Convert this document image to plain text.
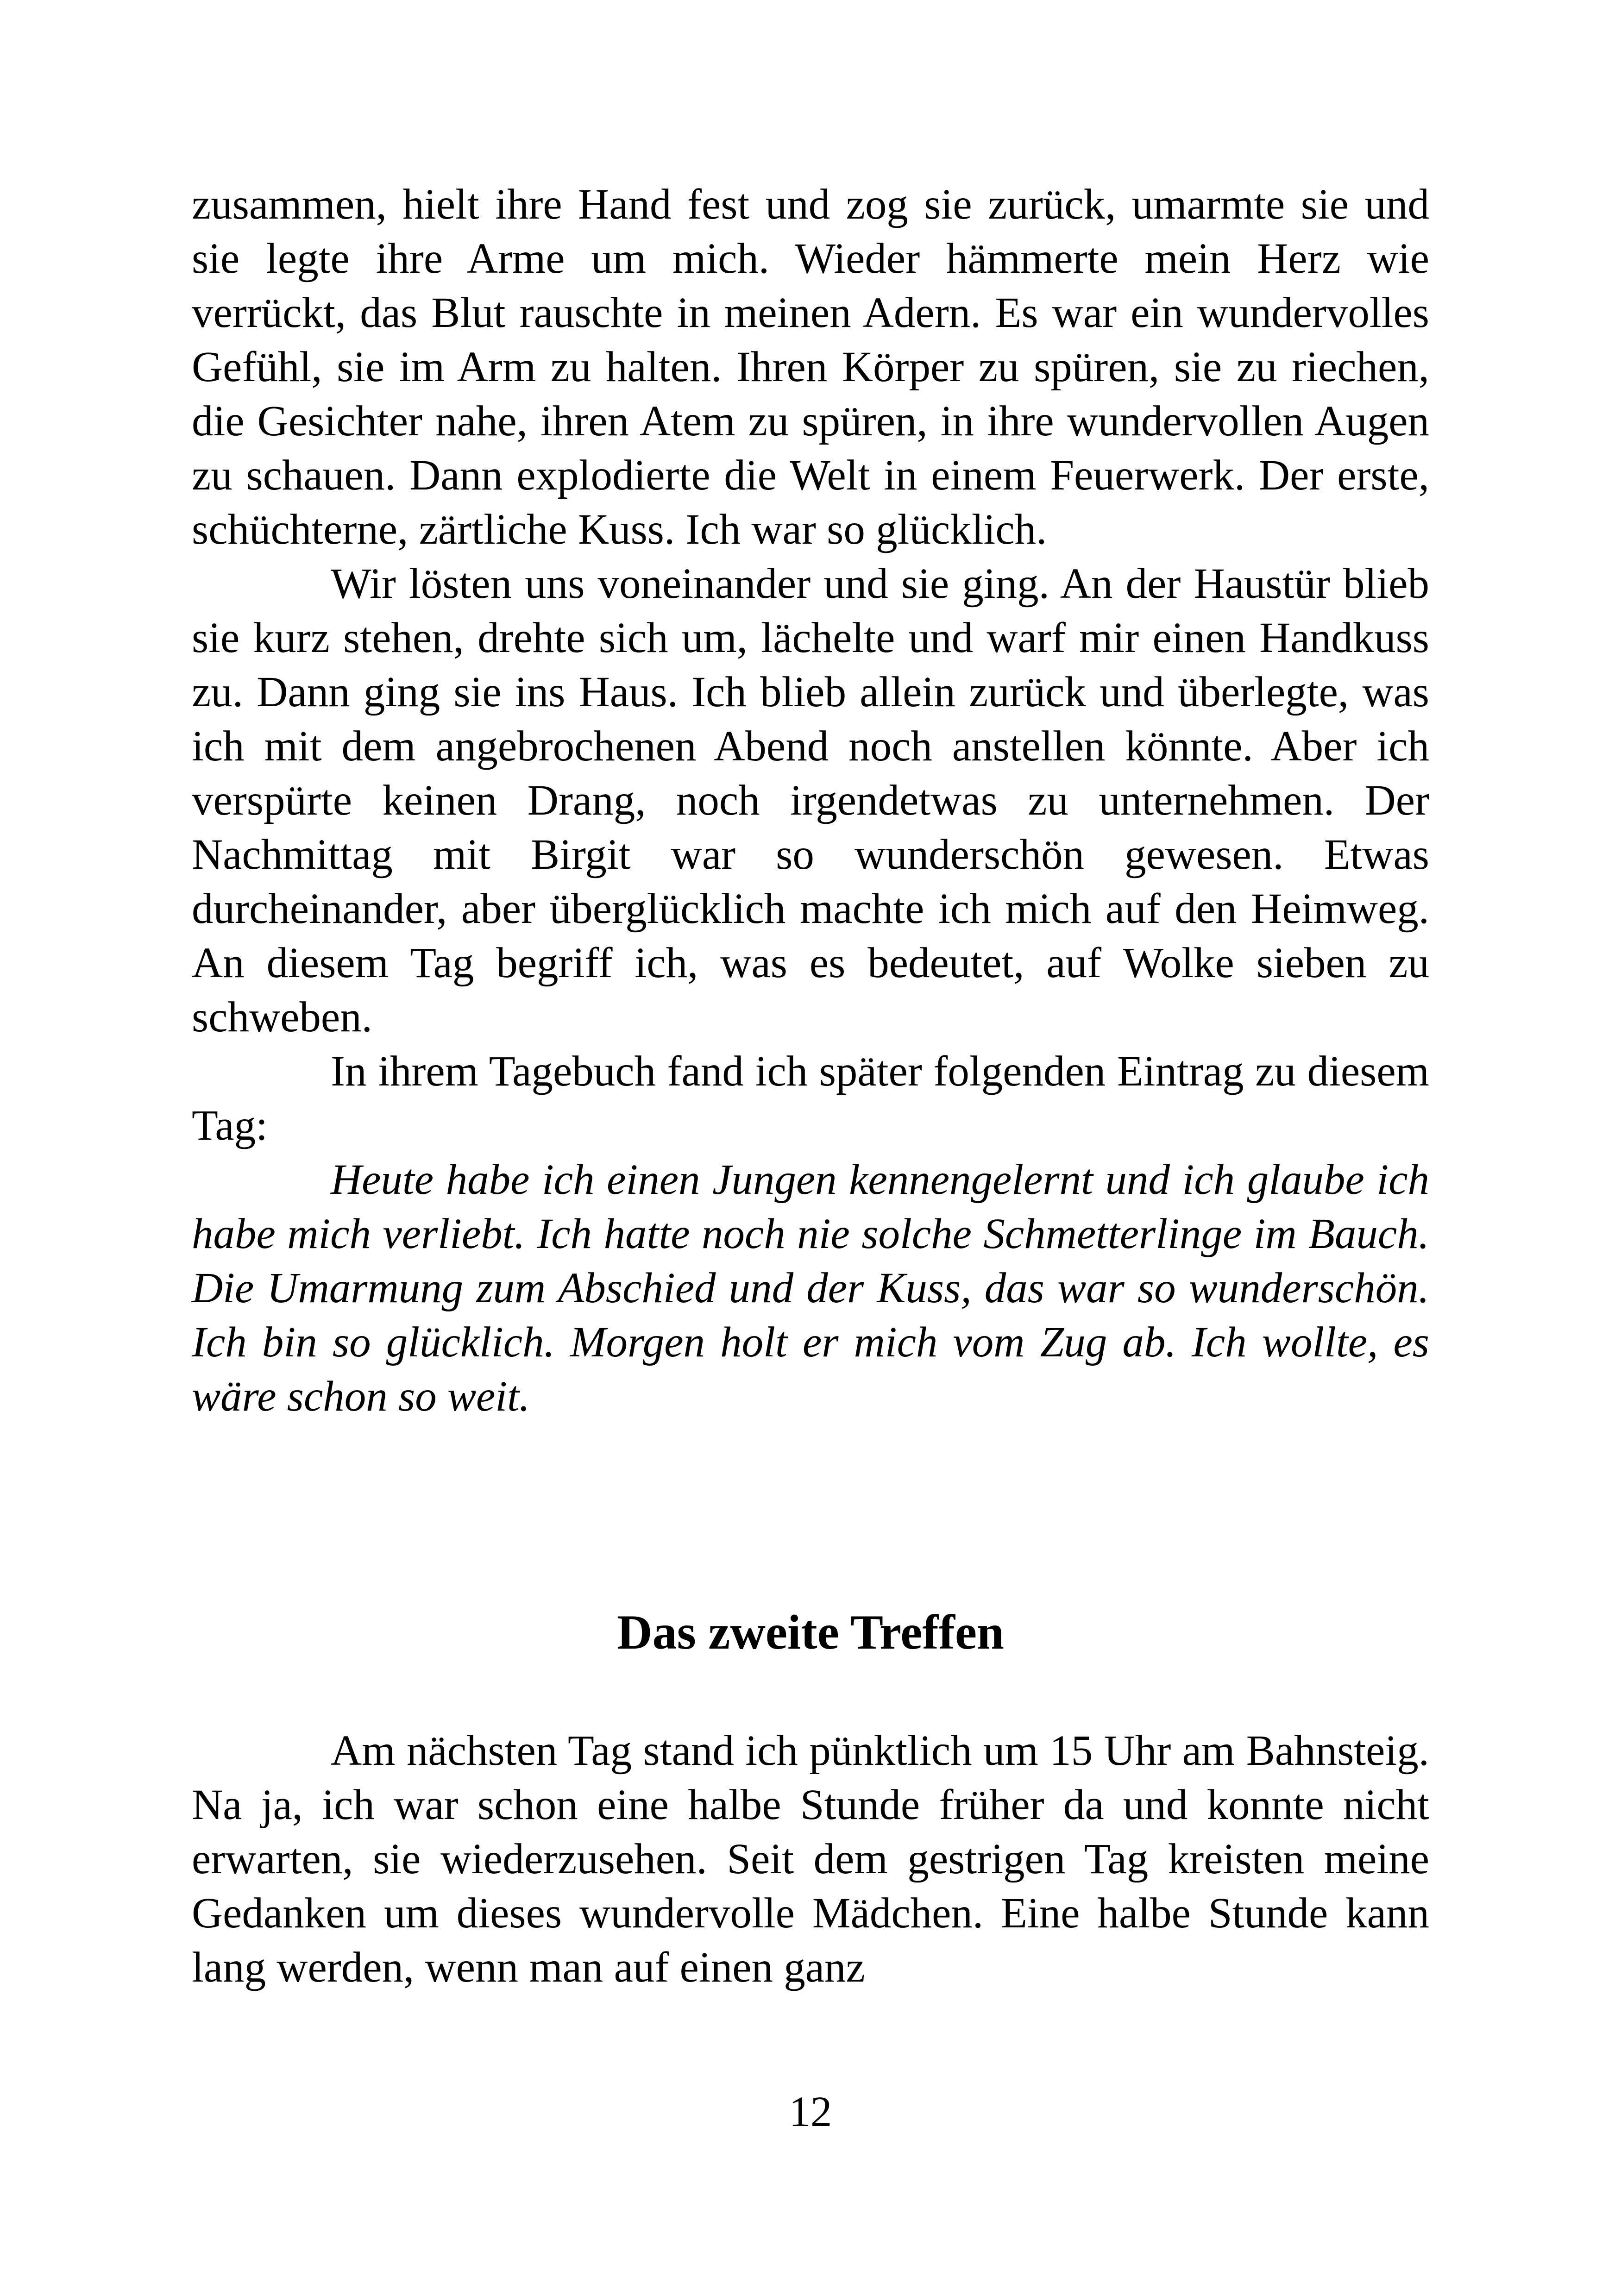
zusammen, hielt ihre Hand fest und zog sie zurück, umarmte sie und sie legte ihre Arme um mich. Wieder hämmerte mein Herz wie verrückt, das Blut rauschte in meinen Adern. Es war ein wundervolles Gefühl, sie im Arm zu halten. Ihren Körper zu spüren, sie zu riechen, die Gesichter nahe, ihren Atem zu spüren, in ihre wundervollen Augen zu schauen. Dann explodierte die Welt in einem Feuerwerk. Der erste, schüchterne, zärtliche Kuss. Ich war so glücklich.

Wir lösten uns voneinander und sie ging. An der Haustür blieb sie kurz stehen, drehte sich um, lächelte und warf mir einen Handkuss zu. Dann ging sie ins Haus. Ich blieb allein zurück und überlegte, was ich mit dem angebrochenen Abend noch anstellen könnte. Aber ich verspürte keinen Drang, noch irgendetwas zu unternehmen. Der Nachmittag mit Birgit war so wunderschön gewesen. Etwas durcheinander, aber überglücklich machte ich mich auf den Heimweg. An diesem Tag begriff ich, was es bedeutet, auf Wolke sieben zu schweben.

In ihrem Tagebuch fand ich später folgenden Eintrag zu diesem Tag:

Heute habe ich einen Jungen kennengelernt und ich glaube ich habe mich verliebt. Ich hatte noch nie solche Schmetterlinge im Bauch. Die Umarmung zum Abschied und der Kuss, das war so wunderschön. Ich bin so glücklich. Morgen holt er mich vom Zug ab. Ich wollte, es wäre schon so weit.

Das zweite Treffen

Am nächsten Tag stand ich pünktlich um 15 Uhr am Bahnsteig. Na ja, ich war schon eine halbe Stunde früher da und konnte nicht erwarten, sie wiederzusehen. Seit dem gestrigen Tag kreisten meine Gedanken um dieses wundervolle Mädchen. Eine halbe Stunde kann lang werden, wenn man auf einen ganz

12
